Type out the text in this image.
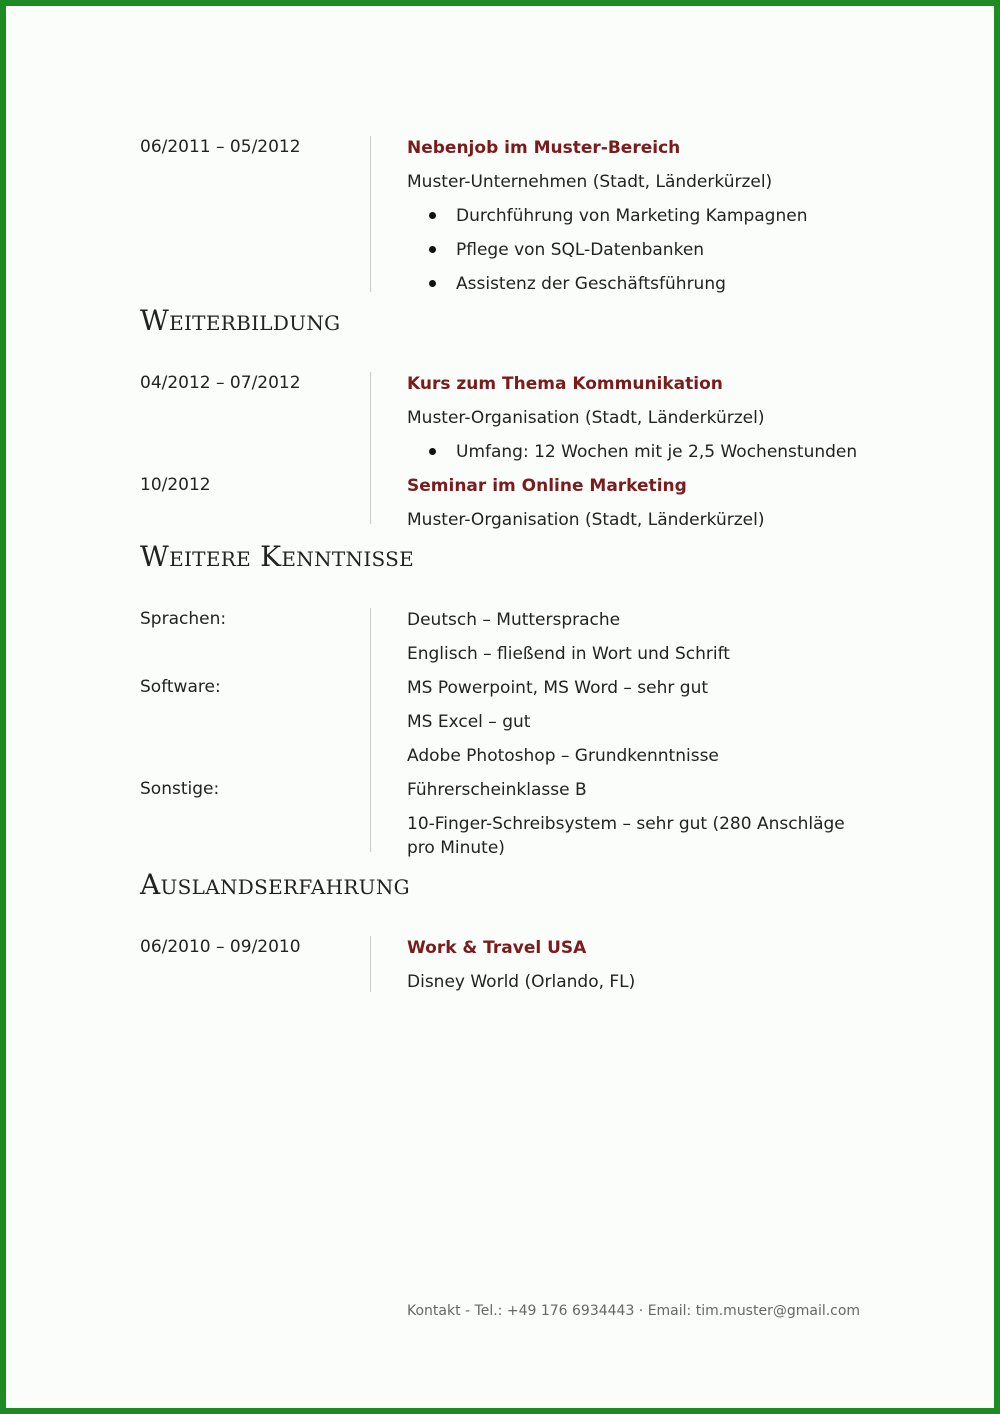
06/2011 – 05/2012	Nebenjob im Muster-Bereich
Muster-Unternehmen (Stadt, Länderkürzel)
Durchführung von Marketing Kampagnen
Pflege von SQL-Datenbanken
Assistenz der Geschäftsführung
Weiterbildung
04/2012 – 07/2012	Kurs zum Thema Kommunikation
Muster-Organisation (Stadt, Länderkürzel)
Umfang: 12 Wochen mit je 2,5 Wochenstunden
10/2012	Seminar im Online Marketing
Muster-Organisation (Stadt, Länderkürzel)
Weitere Kenntnisse
Sprachen:	Deutsch – Muttersprache
Englisch – fließend in Wort und Schrift
Software:	MS Powerpoint, MS Word – sehr gut
MS Excel – gut
Adobe Photoshop – Grundkenntnisse
Sonstige:	Führerscheinklasse B
10-Finger-Schreibsystem – sehr gut (280 Anschläge pro Minute)
Auslandserfahrung
06/2010 – 09/2010	Work & Travel USA
Disney World (Orlando, FL)
Kontakt - Tel.: +49 176 6934443 · Email: tim.muster@gmail.com
